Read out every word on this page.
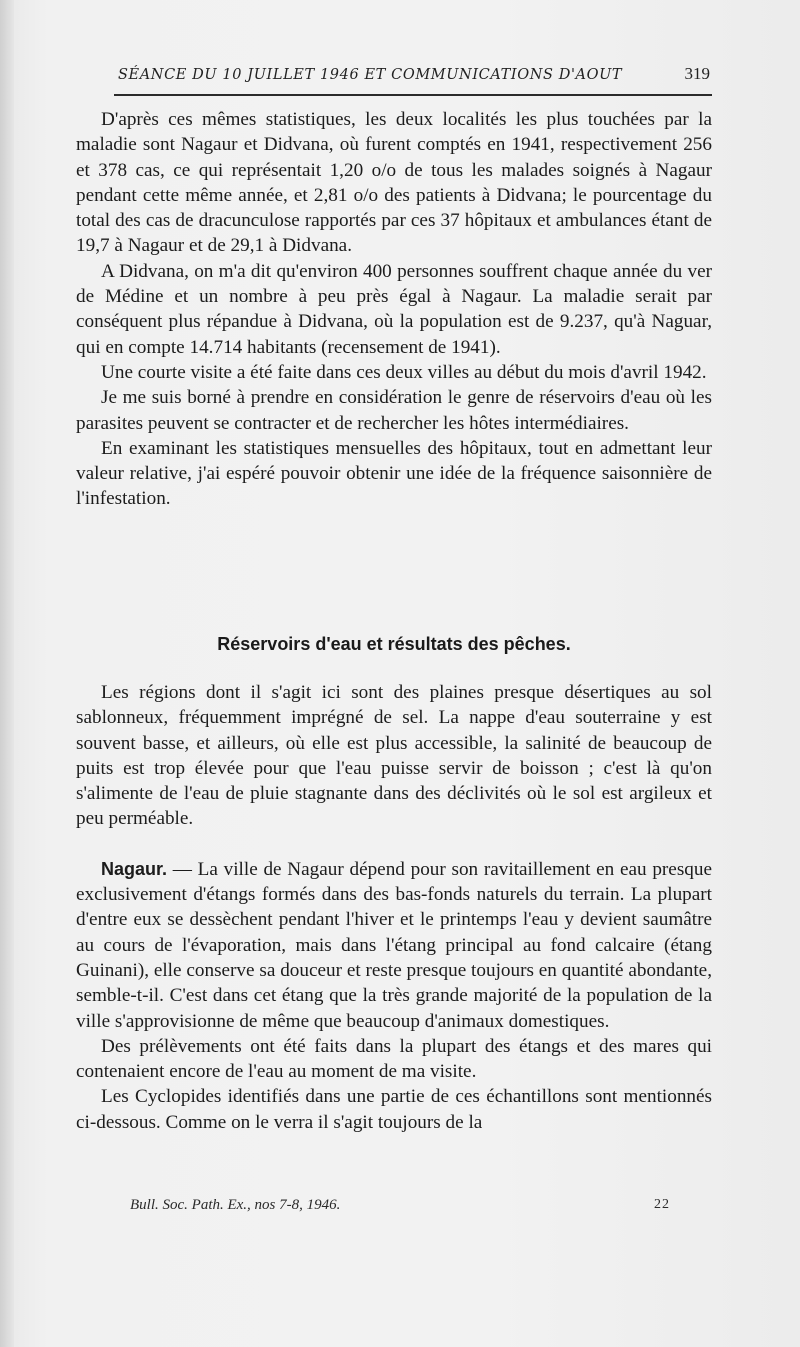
SÉANCE DU 10 JUILLET 1946 ET COMMUNICATIONS D'AOUT	319

D'après ces mêmes statistiques, les deux localités les plus touchées par la maladie sont Nagaur et Didvana, où furent comptés en 1941, respectivement 256 et 378 cas, ce qui représentait 1,20 o/o de tous les malades soignés à Nagaur pendant cette même année, et 2,81 o/o des patients à Didvana; le pourcentage du total des cas de dracunculose rapportés par ces 37 hôpitaux et ambulances étant de 19,7 à Nagaur et de 29,1 à Didvana.

A Didvana, on m'a dit qu'environ 400 personnes souffrent chaque année du ver de Médine et un nombre à peu près égal à Nagaur. La maladie serait par conséquent plus répandue à Didvana, où la population est de 9.237, qu'à Naguar, qui en compte 14.714 habitants (recensement de 1941).

Une courte visite a été faite dans ces deux villes au début du mois d'avril 1942.

Je me suis borné à prendre en considération le genre de réservoirs d'eau où les parasites peuvent se contracter et de rechercher les hôtes intermédiaires.

En examinant les statistiques mensuelles des hôpitaux, tout en admettant leur valeur relative, j'ai espéré pouvoir obtenir une idée de la fréquence saisonnière de l'infestation.

Réservoirs d'eau et résultats des pêches.

Les régions dont il s'agit ici sont des plaines presque désertiques au sol sablonneux, fréquemment imprégné de sel. La nappe d'eau souterraine y est souvent basse, et ailleurs, où elle est plus accessible, la salinité de beaucoup de puits est trop élevée pour que l'eau puisse servir de boisson ; c'est là qu'on s'alimente de l'eau de pluie stagnante dans des déclivités où le sol est argileux et peu perméable.

Nagaur. — La ville de Nagaur dépend pour son ravitaillement en eau presque exclusivement d'étangs formés dans des bas-fonds naturels du terrain. La plupart d'entre eux se dessèchent pendant l'hiver et le printemps l'eau y devient saumâtre au cours de l'évaporation, mais dans l'étang principal au fond calcaire (étang Guinani), elle conserve sa douceur et reste presque toujours en quantité abondante, semble-t-il. C'est dans cet étang que la très grande majorité de la population de la ville s'approvisionne de même que beaucoup d'animaux domestiques.

Des prélèvements ont été faits dans la plupart des étangs et des mares qui contenaient encore de l'eau au moment de ma visite.

Les Cyclopides identifiés dans une partie de ces échantillons sont mentionnés ci-dessous. Comme on le verra il s'agit toujours de la

Bull. Soc. Path. Ex., nos 7-8, 1946.	22
